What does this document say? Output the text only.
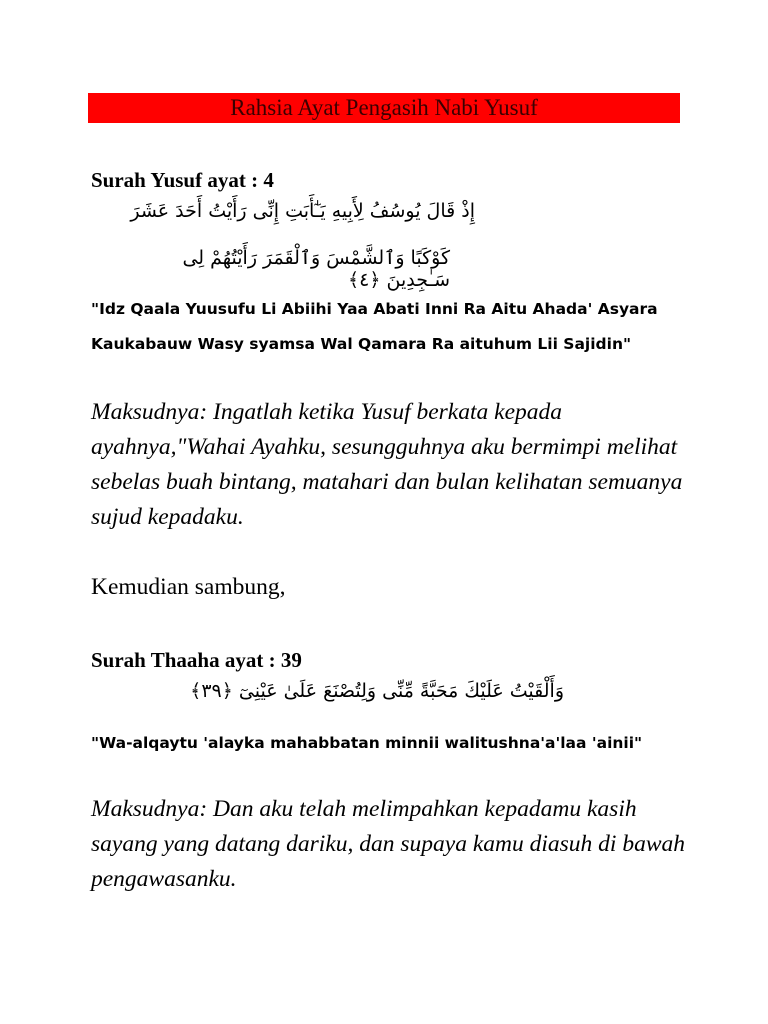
Rahsia Ayat Pengasih Nabi Yusuf
Surah Yusuf ayat : 4
إِذْ قَالَ يُوسُفُ لِأَبِيهِ يَـٰٓأَبَتِ إِنِّى رَأَيْتُ أَحَدَ عَشَرَ
كَوْكَبًا وَٱلشَّمْسَ وَٱلْقَمَرَ رَأَيْتُهُمْ لِى سَـٰجِدِينَ ﴿٤﴾
"Idz Qaala Yuusufu Li Abiihi Yaa Abati Inni Ra Aitu Ahada' Asyara Kaukabauw Wasy syamsa Wal Qamara Ra aituhum Lii Sajidin"
Maksudnya: Ingatlah ketika Yusuf berkata kepada ayahnya,"Wahai Ayahku, sesungguhnya aku bermimpi melihat sebelas buah bintang, matahari dan bulan kelihatan semuanya sujud kepadaku.
Kemudian sambung,
Surah Thaaha ayat : 39
وَأَلْقَيْتُ عَلَيْكَ مَحَبَّةً مِّنِّى وَلِتُصْنَعَ عَلَىٰ عَيْنِىٓ ﴿٣٩﴾
"Wa-alqaytu 'alayka mahabbatan minnii walitushna'a'laa 'ainii"
Maksudnya: Dan aku telah melimpahkan kepadamu kasih sayang yang datang dariku, dan supaya kamu diasuh di bawah pengawasanku.
